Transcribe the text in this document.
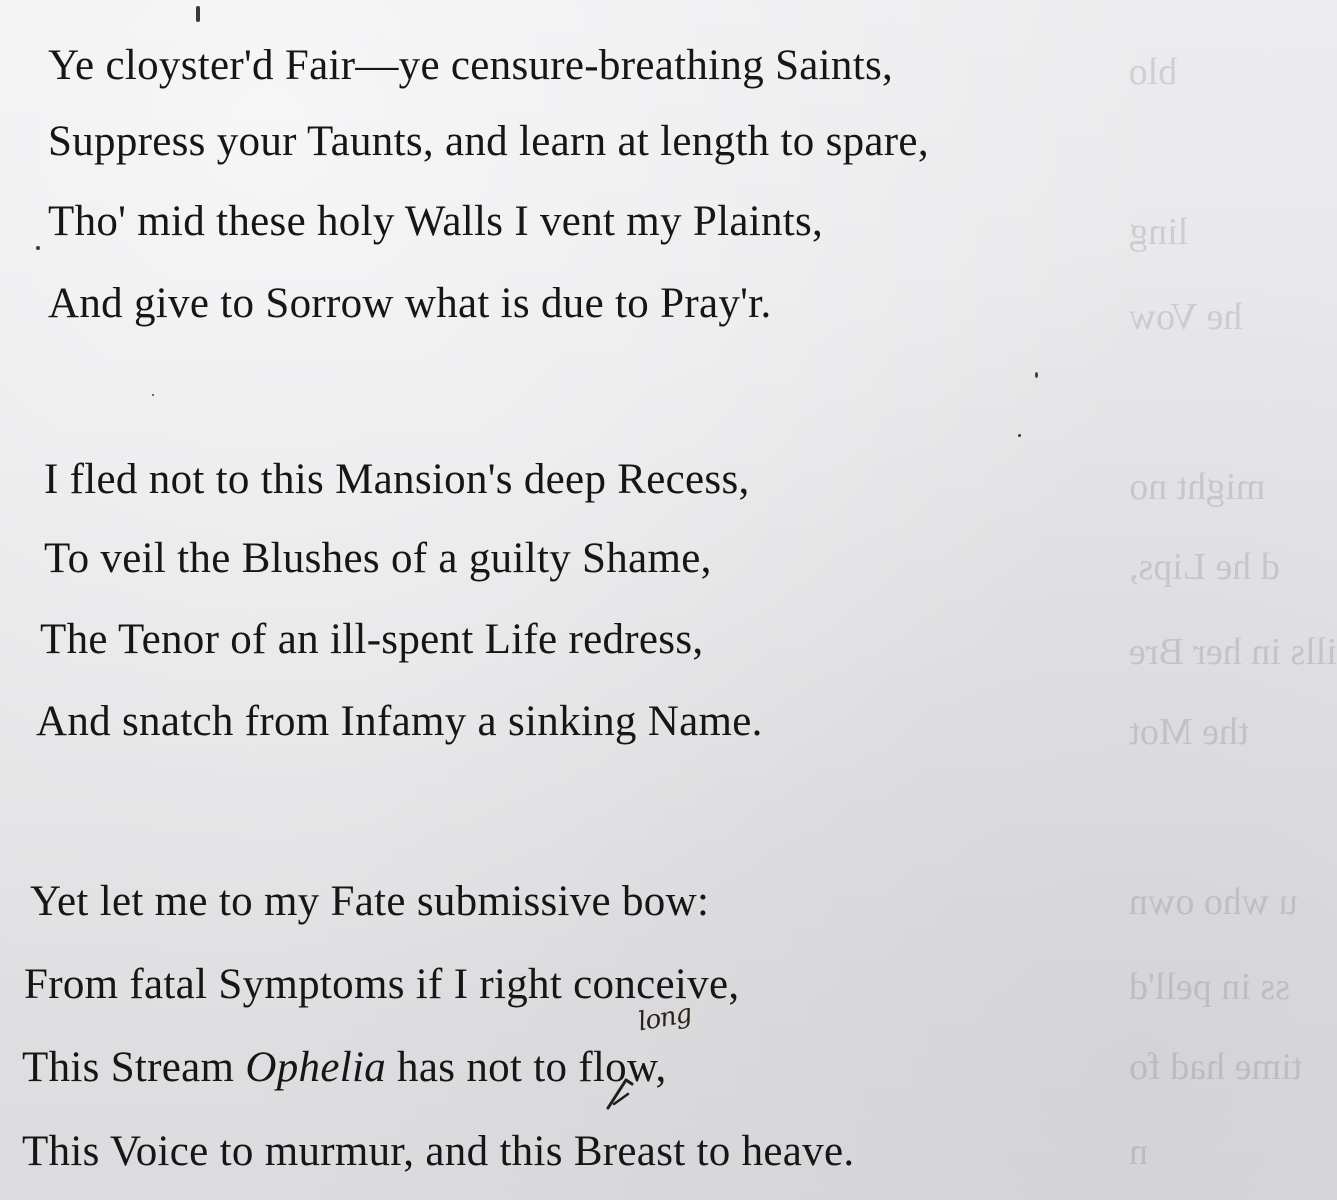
blo
ling
he Vow
might no
d he Lips,
ills in her Bre
the Mot
u who own
ss in pell'd
time had fo
n
Ye cloyster'd Fair—ye censure-breathing Saints,
Suppress your Taunts, and learn at length to spare,
Tho' mid these holy Walls I vent my Plaints,
And give to Sorrow what is due to Pray'r.
I fled not to this Mansion's deep Recess,
To veil the Blushes of a guilty Shame,
The Tenor of an ill-spent Life redress,
And snatch from Infamy a sinking Name.
Yet let me to my Fate submissive bow:
From fatal Symptoms if I right conceive,
This Stream Ophelia has not to flow,
This Voice to murmur, and this Breast to heave.
long
